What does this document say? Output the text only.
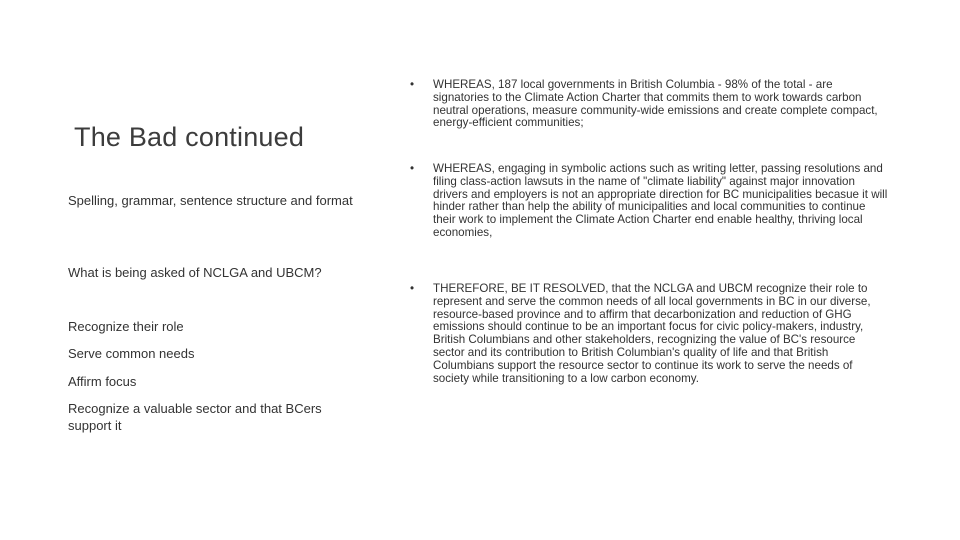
The Bad continued
Spelling, grammar, sentence structure and format
What is being asked of NCLGA and UBCM?
Recognize their role
Serve common needs
Affirm focus
Recognize a valuable sector and that BCers support it
•	WHEREAS, 187 local governments in British Columbia - 98% of the total - are signatories to the Climate Action Charter that commits them to work towards carbon neutral operations, measure community-wide emissions and create complete compact, energy-efficient communities;
•	WHEREAS, engaging in symbolic actions such as writing letter, passing resolutions and filing class-action lawsuts in the name of "climate liability" against major innovation drivers and employers is not an appropriate direction for BC municipalities becasue it will hinder rather than help the ability of municipalities and local communities to continue their work to implement the Climate Action Charter end enable healthy, thriving local economies,
•	THEREFORE, BE IT RESOLVED, that the NCLGA and UBCM recognize their role to represent and serve the common needs of all local governments in BC in our diverse, resource-based province and to affirm that decarbonization and reduction of GHG emissions should continue to be an important focus for civic policy-makers, industry, British Columbians and other stakeholders, recognizing the value of BC's resource sector and its contribution to British Columbian's quality of life and that British Columbians support the resource sector to continue its work to serve the needs of society while transitioning to a low carbon economy.
